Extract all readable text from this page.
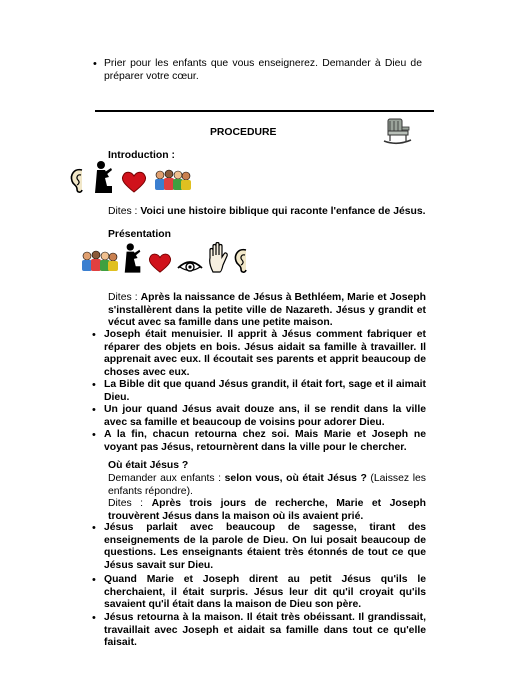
• Prier pour les enfants que vous enseignerez. Demander à Dieu de préparer votre cœur.
PROCEDURE
Introduction :
Dites : Voici une histoire biblique qui raconte l'enfance de Jésus.
Présentation
Dites : Après la naissance de Jésus à Bethléem, Marie et Joseph s'installèrent dans la petite ville de Nazareth. Jésus y grandit et vécut avec sa famille dans une petite maison.
• Joseph était menuisier. Il apprit à Jésus comment fabriquer et réparer des objets en bois. Jésus aidait sa famille à travailler. Il apprenait avec eux. Il écoutait ses parents et apprit beaucoup de choses avec eux.
• La Bible dit que quand Jésus grandit, il était fort, sage et il aimait Dieu.
• Un jour quand Jésus avait douze ans, il se rendit dans la ville avec sa famille et beaucoup de voisins pour adorer Dieu.
• A la fin, chacun retourna chez soi. Mais Marie et Joseph ne voyant pas Jésus, retournèrent dans la ville pour le chercher.
Où était Jésus ?
Demander aux enfants : selon vous, où était Jésus ? (Laissez les enfants répondre).
Dites : Après trois jours de recherche, Marie et Joseph trouvèrent Jésus dans la maison où ils avaient prié.
• Jésus parlait avec beaucoup de sagesse, tirant des enseignements de la parole de Dieu. On lui posait beaucoup de questions. Les enseignants étaient très étonnés de tout ce que Jésus savait sur Dieu.
• Quand Marie et Joseph dirent au petit Jésus qu'ils le cherchaient, il était surpris. Jésus leur dit qu'il croyait qu'ils savaient qu'il était dans la maison de Dieu son père.
• Jésus retourna à la maison. Il était très obéissant. Il grandissait, travaillait avec Joseph et aidait sa famille dans tout ce qu'elle faisait.
